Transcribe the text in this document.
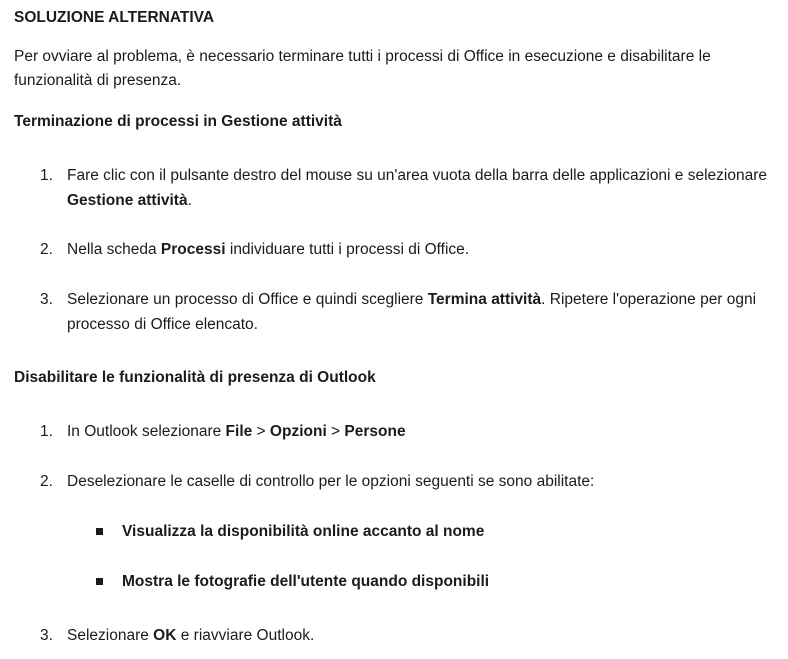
SOLUZIONE ALTERNATIVA

Per ovviare al problema, è necessario terminare tutti i processi di Office in esecuzione e disabilitare le funzionalità di presenza.

Terminazione di processi in Gestione attività
1. Fare clic con il pulsante destro del mouse su un'area vuota della barra delle applicazioni e selezionare Gestione attività.
2. Nella scheda Processi individuare tutti i processi di Office.
3. Selezionare un processo di Office e quindi scegliere Termina attività. Ripetere l'operazione per ogni processo di Office elencato.
Disabilitare le funzionalità di presenza di Outlook
1. In Outlook selezionare File > Opzioni > Persone
2. Deselezionare le caselle di controllo per le opzioni seguenti se sono abilitate:
Visualizza la disponibilità online accanto al nome
Mostra le fotografie dell'utente quando disponibili
3. Selezionare OK e riavviare Outlook.
